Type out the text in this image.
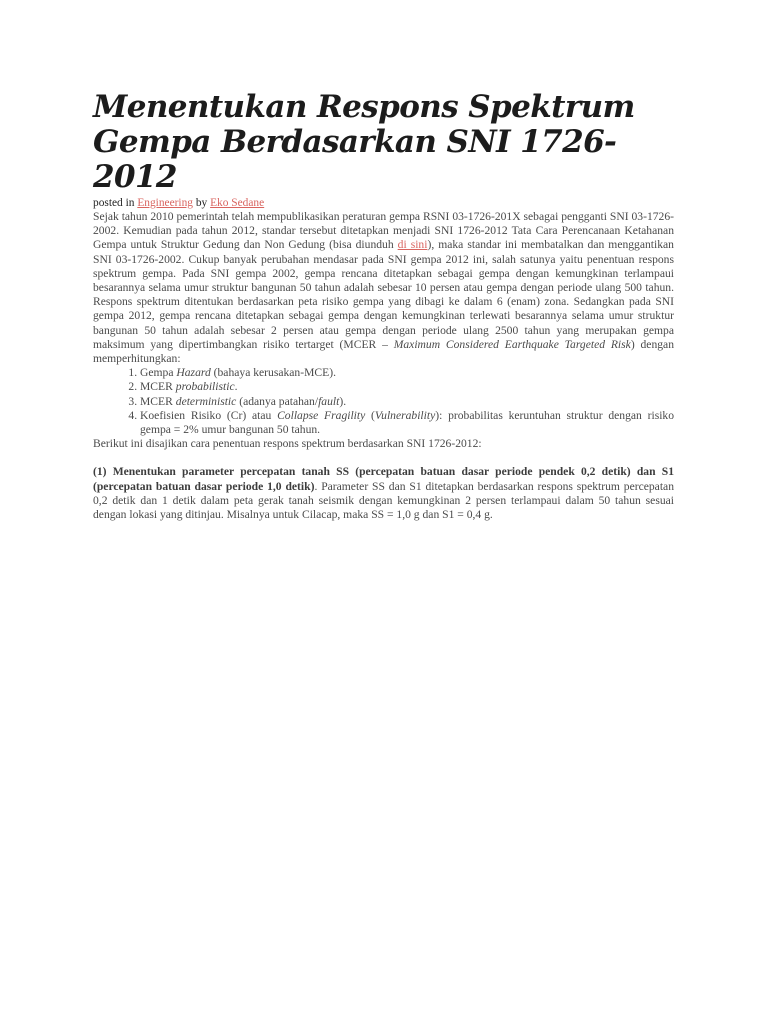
Menentukan Respons Spektrum Gempa Berdasarkan SNI 1726-2012
posted in Engineering by Eko Sedane

Sejak tahun 2010 pemerintah telah mempublikasikan peraturan gempa RSNI 03-1726-201X sebagai pengganti SNI 03-1726-2002. Kemudian pada tahun 2012, standar tersebut ditetapkan menjadi SNI 1726-2012 Tata Cara Perencanaan Ketahanan Gempa untuk Struktur Gedung dan Non Gedung (bisa diunduh di sini), maka standar ini membatalkan dan menggantikan SNI 03-1726-2002. Cukup banyak perubahan mendasar pada SNI gempa 2012 ini, salah satunya yaitu penentuan respons spektrum gempa. Pada SNI gempa 2002, gempa rencana ditetapkan sebagai gempa dengan kemungkinan terlampaui besarannya selama umur struktur bangunan 50 tahun adalah sebesar 10 persen atau gempa dengan periode ulang 500 tahun. Respons spektrum ditentukan berdasarkan peta risiko gempa yang dibagi ke dalam 6 (enam) zona. Sedangkan pada SNI gempa 2012, gempa rencana ditetapkan sebagai gempa dengan kemungkinan terlewati besarannya selama umur struktur bangunan 50 tahun adalah sebesar 2 persen atau gempa dengan periode ulang 2500 tahun yang merupakan gempa maksimum yang dipertimbangkan risiko tertarget (MCER – Maximum Considered Earthquake Targeted Risk) dengan memperhitungkan:

1. Gempa Hazard (bahaya kerusakan-MCE).
2. MCER probabilistic.
3. MCER deterministic (adanya patahan/fault).
4. Koefisien Risiko (Cr) atau Collapse Fragility (Vulnerability): probabilitas keruntuhan struktur dengan risiko gempa = 2% umur bangunan 50 tahun.

Berikut ini disajikan cara penentuan respons spektrum berdasarkan SNI 1726-2012:

(1) Menentukan parameter percepatan tanah SS (percepatan batuan dasar periode pendek 0,2 detik) dan S1 (percepatan batuan dasar periode 1,0 detik). Parameter SS dan S1 ditetapkan berdasarkan respons spektrum percepatan 0,2 detik dan 1 detik dalam peta gerak tanah seismik dengan kemungkinan 2 persen terlampaui dalam 50 tahun sesuai dengan lokasi yang ditinjau. Misalnya untuk Cilacap, maka SS = 1,0 g dan S1 = 0,4 g.
